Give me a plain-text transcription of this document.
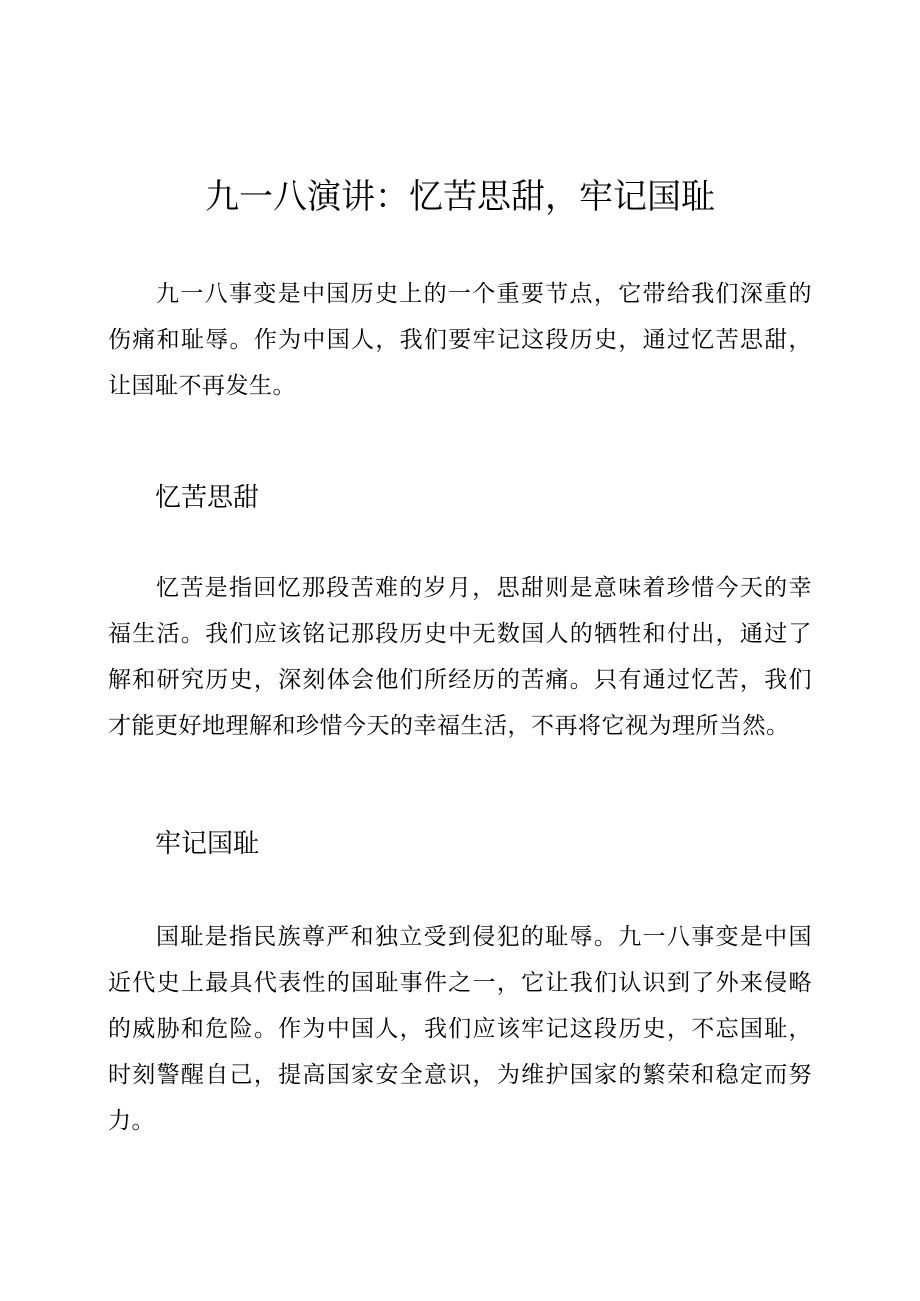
九一八演讲：忆苦思甜，牢记国耻

九一八事变是中国历史上的一个重要节点，它带给我们深重的伤痛和耻辱。作为中国人，我们要牢记这段历史，通过忆苦思甜，让国耻不再发生。

忆苦思甜

忆苦是指回忆那段苦难的岁月，思甜则是意味着珍惜今天的幸福生活。我们应该铭记那段历史中无数国人的牺牲和付出，通过了解和研究历史，深刻体会他们所经历的苦痛。只有通过忆苦，我们才能更好地理解和珍惜今天的幸福生活，不再将它视为理所当然。

牢记国耻

国耻是指民族尊严和独立受到侵犯的耻辱。九一八事变是中国近代史上最具代表性的国耻事件之一，它让我们认识到了外来侵略的威胁和危险。作为中国人，我们应该牢记这段历史，不忘国耻，时刻警醒自己，提高国家安全意识，为维护国家的繁荣和稳定而努力。
